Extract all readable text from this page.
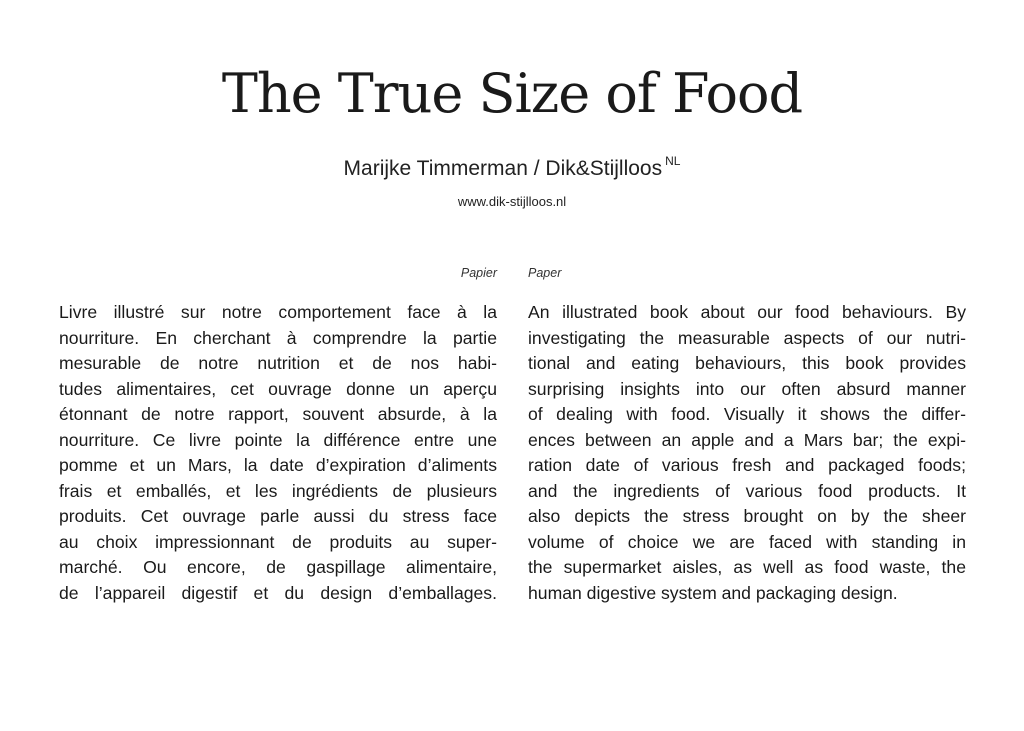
The True Size of Food
Marijke Timmerman / Dik&Stijlloos $^{NL}$
www.dik-stijlloos.nl
Papier Paper
Livre illustré sur notre comportement face à la
nourriture. En cherchant à comprendre la partie
mesurable de notre nutrition et de nos habi-
tudes alimentaires, cet ouvrage donne un aperçu
étonnant de notre rapport, souvent absurde, à la
nourriture. Ce livre pointe la différence entre une
pomme et un Mars, la date d’expiration d’aliments
frais et emballés, et les ingrédients de plusieurs
produits. Cet ouvrage parle aussi du stress face
au choix impressionnant de produits au super-
marché. Ou encore, de gaspillage alimentaire,
de l’appareil digestif et du design d’emballages.
An illustrated book about our food behaviours. By
investigating the measurable aspects of our nutri-
tional and eating behaviours, this book provides
surprising insights into our often absurd manner
of dealing with food. Visually it shows the differ-
ences between an apple and a Mars bar; the expi-
ration date of various fresh and packaged foods;
and the ingredients of various food products. It
also depicts the stress brought on by the sheer
volume of choice we are faced with standing in
the supermarket aisles, as well as food waste, the
human digestive system and packaging design.
